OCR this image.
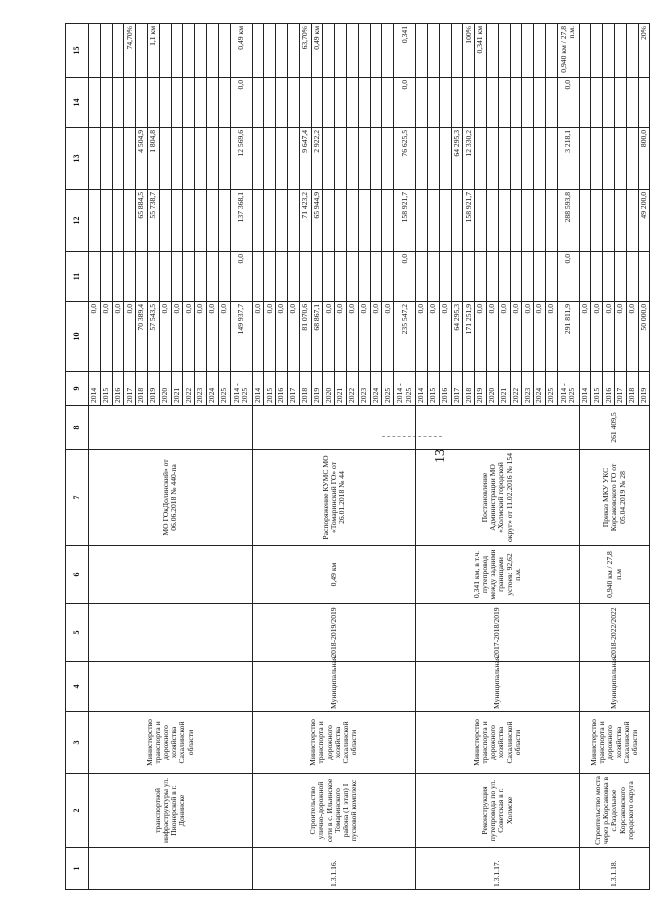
13
1	2	3	4	5	6	7	8	9	10	11	12	13	14	15
	транспортной инфраструктуры ул. Пионерской в г. Донинске	Министерство транспорта и дорожного хозяйства Сахалинской области				МО ГОкДолинский» от 06.06.2018 № 440-па		2014	0,0					
								2015	0,0					
								2016	0,0					
								2017	0,0					74,70%
								2018	70 389,4		65 884,5	4 504,9		
								2019	57 543,5		55 738,7	1 804,8		1,1 км
								2020	0,0					
								2021	0,0					
								2022	0,0					
								2023	0,0					
								2024	0,0					
								2025	0,0					
								2014 - 2025	149 937,7	0,0	137 368,1	12 569,6	0,0	0,49 км
1.3.1.16.	Строительство улично-дорожной сети в с. Ильинское Томаринского района (1 этап) I пусковой комплекс	Министерство транспорта и дорожного хозяйства Сахалинской области	Муниципальная	2018-2019/2019	0,49 км	Распоряжение КУМС МО «Томаринский ГО» от 26.01.2018 № 44		2014	0,0					
								2015	0,0					
								2016	0,0					
								2017	0,0					
								2018	81 070,6		71 423,2	9 647,4		63,70%
								2019	68 867,1		65 944,9	2 922,2		0,49 км
								2020	0,0					
								2021	0,0					
								2022	0,0					
								2023	0,0					
								2024	0,0					
								2025	0,0					
								2014 - 2025	235 547,2	0,0	158 921,7	76 625,5	0,0	0,341
1.3.1.17.	Реконструкция путепровода по ул. Советская в г. Холмске	Министерство транспорта и дорожного хозяйства Сахалинской области	Муниципальная	2017-2018/2019	0,341 км, в т.ч. путепровод между задними границами устоев: 92,62 п.м.	Постановление Администрации МО «Холмский городской округ» от 11.02.2016 № 154		2014	0,0					
								2015	0,0					
								2016	0,0					
								2017	64 295,3			64 295,3		
								2018	171 251,9		158 921,7	12 330,2		100%
								2019	0,0					0,341 км
								2020	0,0					
								2021	0,0					
								2022	0,0					
								2023	0,0					
								2024	0,0					
								2025	0,0					
								2014 - 2025	291 811,9	0,0	288 593,8	3 218,1	0,0	0,940 км / 27,8 п.м.
1.3.1.18.	Строительство моста через р.Корсаковка в с.Раздольное Корсаковского городского округа	Министерство транспорта и дорожного хозяйства Сахалинской области	Муниципальная	2018-2022/2022	0,940 км / 27,8 п.м	Приказ МКУ УКС Корсаковского ГО от 05.04.2019 № 28	261 409,5	2014	0,0					
								2015	0,0					
								2016	0,0					
								2017	0,0					
								2018	0,0					
								2019	50 000,0		49 200,0	800,0		20%
